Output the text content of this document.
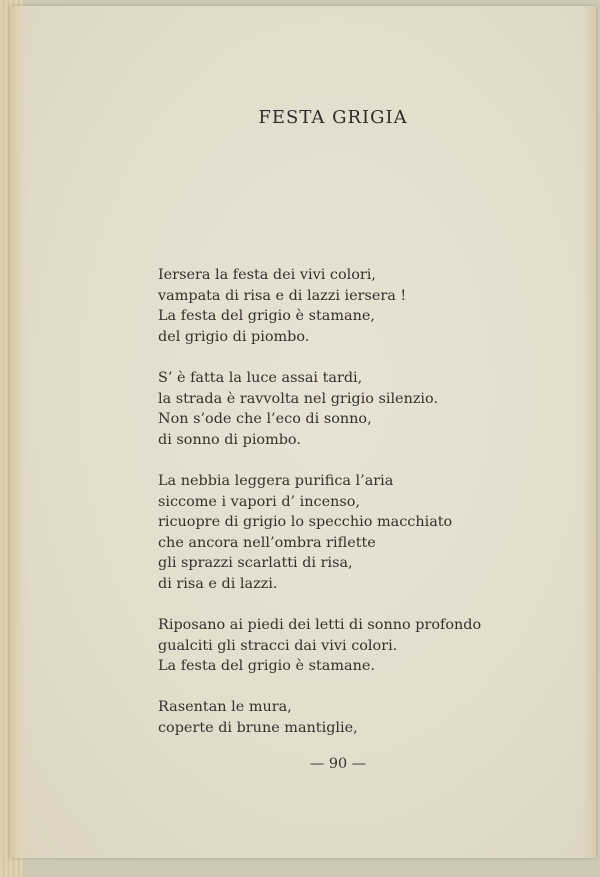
FESTA GRIGIA
Iersera la festa dei vivi colori,
vampata di risa e di lazzi iersera !
La festa del grigio è stamane,
del grigio di piombo.
S’ è fatta la luce assai tardi,
la strada è ravvolta nel grigio silenzio.
Non s’ode che l’eco di sonno,
di sonno di piombo.
La nebbia leggera purifica l’aria
siccome i vapori d’ incenso,
ricuopre di grigio lo specchio macchiato
che ancora nell’ombra riflette
gli sprazzi scarlatti di risa,
di risa e di lazzi.
Riposano ai piedi dei letti di sonno profondo
gualciti gli stracci dai vivi colori.
La festa del grigio è stamane.
Rasentan le mura,
coperte di brune mantiglie,
— 90 —
